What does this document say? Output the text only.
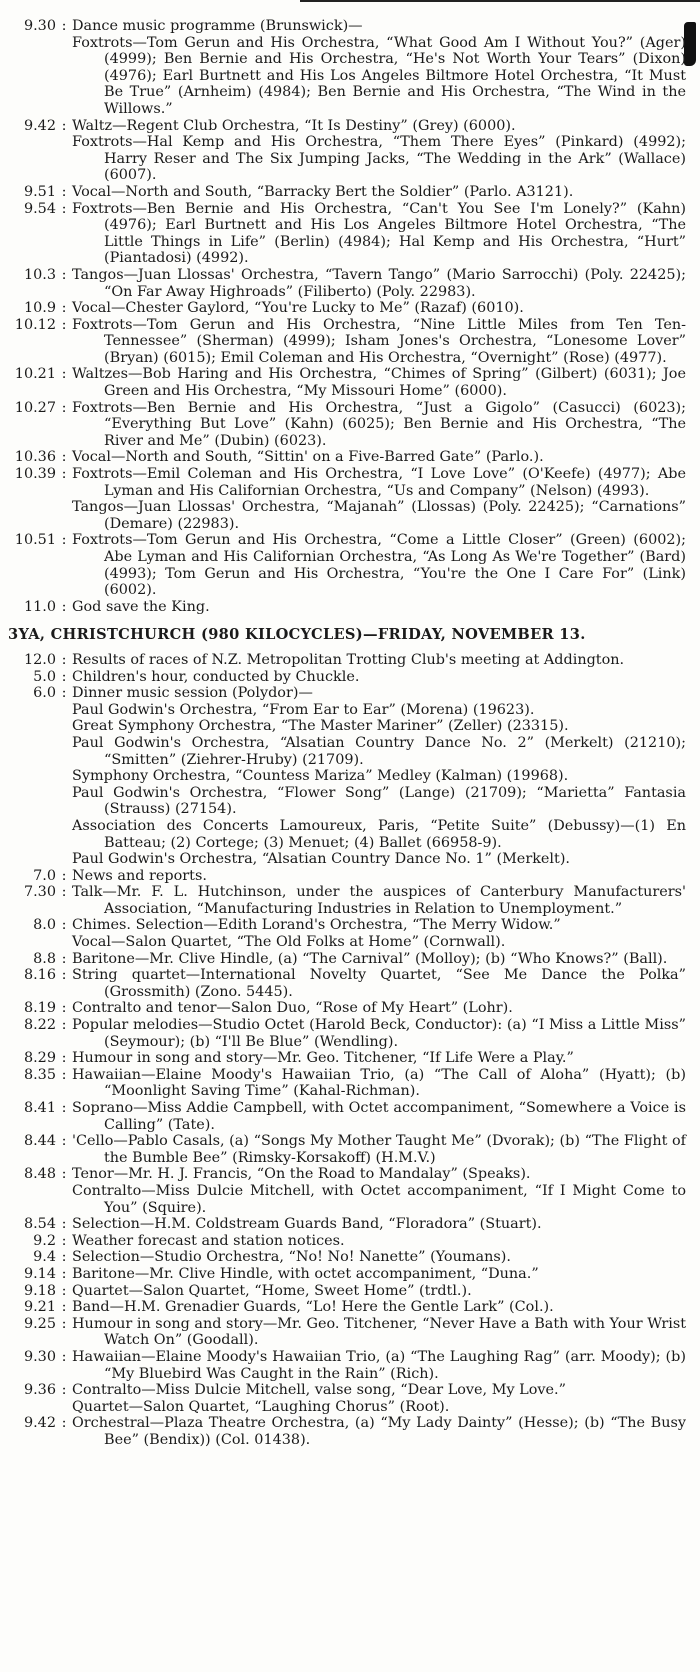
9.30 : Dance music programme (Brunswick)—
Foxtrots—Tom Gerun and His Orchestra, “What Good Am I Without You?” (Ager) (4999); Ben Bernie and His Orchestra, “He's Not Worth Your Tears” (Dixon) (4976); Earl Burtnett and His Los Angeles Biltmore Hotel Orchestra, “It Must Be True” (Arnheim) (4984); Ben Bernie and His Orchestra, “The Wind in the Willows.”
9.42 : Waltz—Regent Club Orchestra, “It Is Destiny” (Grey) (6000).
Foxtrots—Hal Kemp and His Orchestra, “Them There Eyes” (Pinkard) (4992); Harry Reser and The Six Jumping Jacks, “The Wedding in the Ark” (Wallace) (6007).
9.51 : Vocal—North and South, “Barracky Bert the Soldier” (Parlo. A3121).
9.54 : Foxtrots—Ben Bernie and His Orchestra, “Can't You See I'm Lonely?” (Kahn) (4976); Earl Burtnett and His Los Angeles Biltmore Hotel Orchestra, “The Little Things in Life” (Berlin) (4984); Hal Kemp and His Orchestra, “Hurt” (Piantadosi) (4992).
10.3 : Tangos—Juan Llossas' Orchestra, “Tavern Tango” (Mario Sarrocchi) (Poly. 22425); “On Far Away Highroads” (Filiberto) (Poly. 22983).
10.9 : Vocal—Chester Gaylord, “You're Lucky to Me” (Razaf) (6010).
10.12 : Foxtrots—Tom Gerun and His Orchestra, “Nine Little Miles from Ten Ten-Tennessee” (Sherman) (4999); Isham Jones's Orchestra, “Lonesome Lover” (Bryan) (6015); Emil Coleman and His Orchestra, “Overnight” (Rose) (4977).
10.21 : Waltzes—Bob Haring and His Orchestra, “Chimes of Spring” (Gilbert) (6031); Joe Green and His Orchestra, “My Missouri Home” (6000).
10.27 : Foxtrots—Ben Bernie and His Orchestra, “Just a Gigolo” (Casucci) (6023); “Everything But Love” (Kahn) (6025); Ben Bernie and His Orchestra, “The River and Me” (Dubin) (6023).
10.36 : Vocal—North and South, “Sittin' on a Five-Barred Gate” (Parlo.).
10.39 : Foxtrots—Emil Coleman and His Orchestra, “I Love Love” (O'Keefe) (4977); Abe Lyman and His Californian Orchestra, “Us and Company” (Nelson) (4993).
Tangos—Juan Llossas' Orchestra, “Majanah” (Llossas) (Poly. 22425); “Carnations” (Demare) (22983).
10.51 : Foxtrots—Tom Gerun and His Orchestra, “Come a Little Closer” (Green) (6002); Abe Lyman and His Californian Orchestra, “As Long As We're Together” (Bard) (4993); Tom Gerun and His Orchestra, “You're the One I Care For” (Link) (6002).
11.0 : God save the King.
3YA, CHRISTCHURCH (980 KILOCYCLES)—FRIDAY, NOVEMBER 13.
12.0 : Results of races of N.Z. Metropolitan Trotting Club's meeting at Addington.
5.0 : Children's hour, conducted by Chuckle.
6.0 : Dinner music session (Polydor)—
Paul Godwin's Orchestra, “From Ear to Ear” (Morena) (19623).
Great Symphony Orchestra, “The Master Mariner” (Zeller) (23315).
Paul Godwin's Orchestra, “Alsatian Country Dance No. 2” (Merkelt) (21210); “Smitten” (Ziehrer-Hruby) (21709).
Symphony Orchestra, “Countess Mariza” Medley (Kalman) (19968).
Paul Godwin's Orchestra, “Flower Song” (Lange) (21709); “Marietta” Fantasia (Strauss) (27154).
Association des Concerts Lamoureux, Paris, “Petite Suite” (Debussy)—(1) En Batteau; (2) Cortege; (3) Menuet; (4) Ballet (66958-9).
Paul Godwin's Orchestra, “Alsatian Country Dance No. 1” (Merkelt).
7.0 : News and reports.
7.30 : Talk—Mr. F. L. Hutchinson, under the auspices of Canterbury Manufacturers' Association, “Manufacturing Industries in Relation to Unemployment.”
8.0 : Chimes. Selection—Edith Lorand's Orchestra, “The Merry Widow.”
Vocal—Salon Quartet, “The Old Folks at Home” (Cornwall).
8.8 : Baritone—Mr. Clive Hindle, (a) “The Carnival” (Molloy); (b) “Who Knows?” (Ball).
8.16 : String quartet—International Novelty Quartet, “See Me Dance the Polka” (Grossmith) (Zono. 5445).
8.19 : Contralto and tenor—Salon Duo, “Rose of My Heart” (Lohr).
8.22 : Popular melodies—Studio Octet (Harold Beck, Conductor): (a) “I Miss a Little Miss” (Seymour); (b) “I'll Be Blue” (Wendling).
8.29 : Humour in song and story—Mr. Geo. Titchener, “If Life Were a Play.”
8.35 : Hawaiian—Elaine Moody's Hawaiian Trio, (a) “The Call of Aloha” (Hyatt); (b) “Moonlight Saving Time” (Kahal-Richman).
8.41 : Soprano—Miss Addie Campbell, with Octet accompaniment, “Somewhere a Voice is Calling” (Tate).
8.44 : 'Cello—Pablo Casals, (a) “Songs My Mother Taught Me” (Dvorak); (b) “The Flight of the Bumble Bee” (Rimsky-Korsakoff) (H.M.V.)
8.48 : Tenor—Mr. H. J. Francis, “On the Road to Mandalay” (Speaks).
Contralto—Miss Dulcie Mitchell, with Octet accompaniment, “If I Might Come to You” (Squire).
8.54 : Selection—H.M. Coldstream Guards Band, “Floradora” (Stuart).
9.2 : Weather forecast and station notices.
9.4 : Selection—Studio Orchestra, “No! No! Nanette” (Youmans).
9.14 : Baritone—Mr. Clive Hindle, with octet accompaniment, “Duna.”
9.18 : Quartet—Salon Quartet, “Home, Sweet Home” (trdtl.).
9.21 : Band—H.M. Grenadier Guards, “Lo! Here the Gentle Lark” (Col.).
9.25 : Humour in song and story—Mr. Geo. Titchener, “Never Have a Bath with Your Wrist Watch On” (Goodall).
9.30 : Hawaiian—Elaine Moody's Hawaiian Trio, (a) “The Laughing Rag” (arr. Moody); (b) “My Bluebird Was Caught in the Rain” (Rich).
9.36 : Contralto—Miss Dulcie Mitchell, valse song, “Dear Love, My Love.”
Quartet—Salon Quartet, “Laughing Chorus” (Root).
9.42 : Orchestral—Plaza Theatre Orchestra, (a) “My Lady Dainty” (Hesse); (b) “The Busy Bee” (Bendix)) (Col. 01438).
